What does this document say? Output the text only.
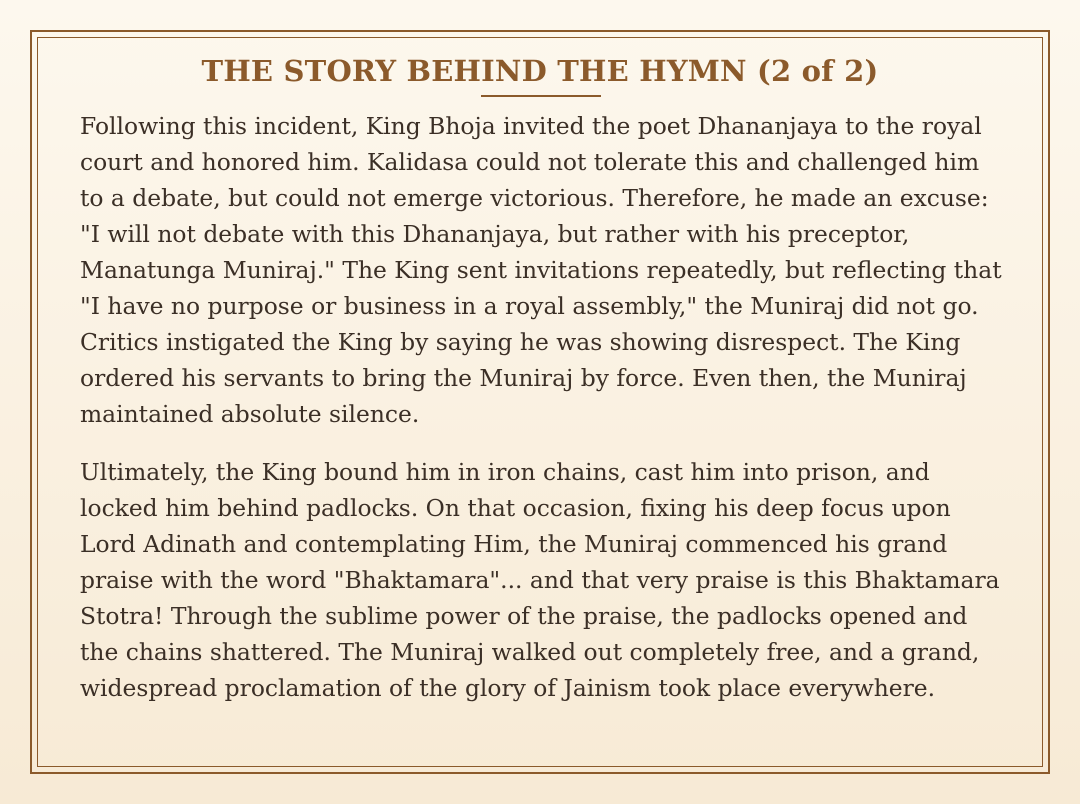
THE STORY BEHIND THE HYMN (2 of 2)

Following this incident, King Bhoja invited the poet Dhananjaya to the royal court and honored him. Kalidasa could not tolerate this and challenged him to a debate, but could not emerge victorious. Therefore, he made an excuse: "I will not debate with this Dhananjaya, but rather with his preceptor, Manatunga Muniraj." The King sent invitations repeatedly, but reflecting that "I have no purpose or business in a royal assembly," the Muniraj did not go. Critics instigated the King by saying he was showing disrespect. The King ordered his servants to bring the Muniraj by force. Even then, the Muniraj maintained absolute silence.

Ultimately, the King bound him in iron chains, cast him into prison, and locked him behind padlocks. On that occasion, fixing his deep focus upon Lord Adinath and contemplating Him, the Muniraj commenced his grand praise with the word "Bhaktamara"... and that very praise is this Bhaktamara Stotra! Through the sublime power of the praise, the padlocks opened and the chains shattered. The Muniraj walked out completely free, and a grand, widespread proclamation of the glory of Jainism took place everywhere.
